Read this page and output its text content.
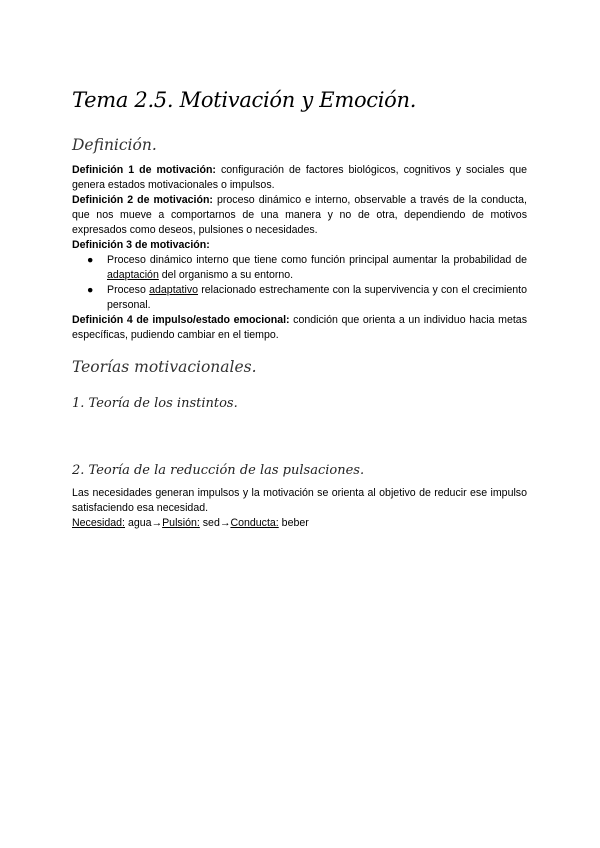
Tema 2.5. Motivación y Emoción.
Definición.

Definición 1 de motivación: configuración de factores biológicos, cognitivos y sociales que genera estados motivacionales o impulsos.

Definición 2 de motivación: proceso dinámico e interno, observable a través de la conducta, que nos mueve a comportarnos de una manera y no de otra, dependiendo de motivos expresados como deseos, pulsiones o necesidades.

Definición 3 de motivación:

● Proceso dinámico interno que tiene como función principal aumentar la probabilidad de adaptación del organismo a su entorno.
● Proceso adaptativo relacionado estrechamente con la supervivencia y con el crecimiento personal.

Definición 4 de impulso/estado emocional: condición que orienta a un individuo hacia metas específicas, pudiendo cambiar en el tiempo.

Teorías motivacionales.
1. Teoría de los instintos.
2. Teoría de la reducción de las pulsaciones.

Las necesidades generan impulsos y la motivación se orienta al objetivo de reducir ese impulso satisfaciendo esa necesidad.

Necesidad: agua→Pulsión: sed→Conducta: beber
